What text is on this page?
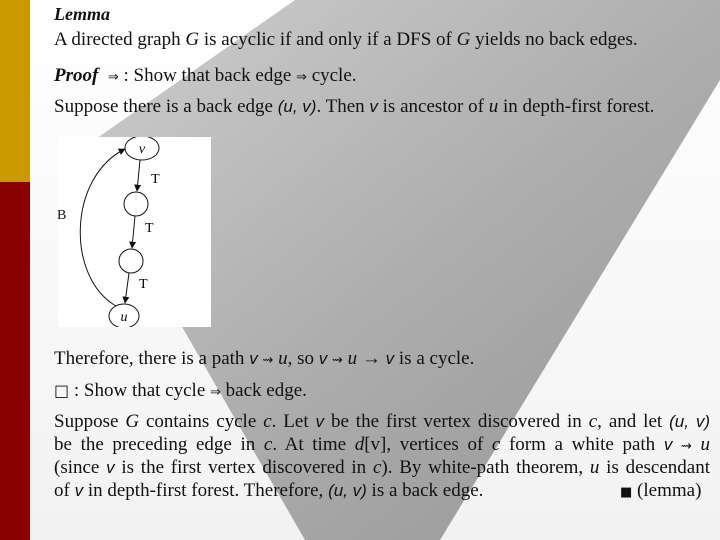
Lemma
A directed graph G is acyclic if and only if a DFS of G yields no back edges.
Proof ⇒ : Show that back edge ⇒ cycle.
Suppose there is a back edge (u, v). Then v is ancestor of u in depth-first forest.
v
u
T
T
T
B
Therefore, there is a path v ⇝ u, so v ⇝ u → v is a cycle.
□ : Show that cycle ⇒ back edge.
Suppose G contains cycle c. Let v be the first vertex discovered in c, and let (u, v)
be the preceding edge in c. At time d[v], vertices of c form a white path v ⇝ u
(since v is the first vertex discovered in c). By white-path theorem, u is descendant
of v in depth-first forest. Therefore, (u, v) is a back edge.	■ (lemma)
